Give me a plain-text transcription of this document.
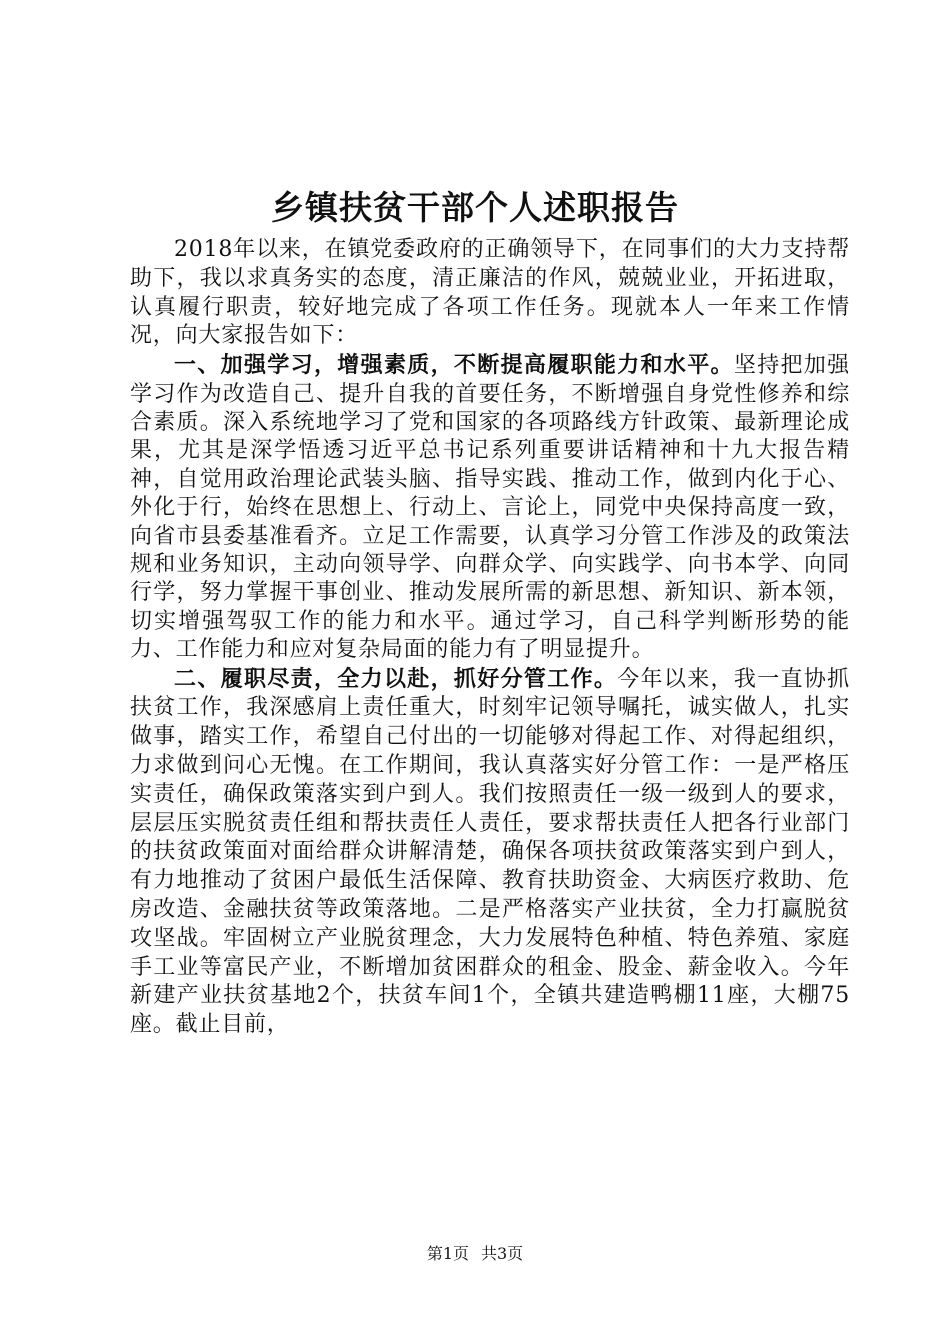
乡镇扶贫干部个人述职报告

2018年以来，在镇党委政府的正确领导下，在同事们的大力支持帮助下，我以求真务实的态度，清正廉洁的作风，兢兢业业，开拓进取，认真履行职责，较好地完成了各项工作任务。现就本人一年来工作情况，向大家报告如下：

一、加强学习，增强素质，不断提高履职能力和水平。坚持把加强学习作为改造自己、提升自我的首要任务，不断增强自身党性修养和综合素质。深入系统地学习了党和国家的各项路线方针政策、最新理论成果，尤其是深学悟透习近平总书记系列重要讲话精神和十九大报告精神，自觉用政治理论武装头脑、指导实践、推动工作，做到内化于心、外化于行，始终在思想上、行动上、言论上，同党中央保持高度一致，向省市县委基准看齐。立足工作需要，认真学习分管工作涉及的政策法规和业务知识，主动向领导学、向群众学、向实践学、向书本学、向同行学，努力掌握干事创业、推动发展所需的新思想、新知识、新本领，切实增强驾驭工作的能力和水平。通过学习，自己科学判断形势的能力、工作能力和应对复杂局面的能力有了明显提升。

二、履职尽责，全力以赴，抓好分管工作。今年以来，我一直协抓扶贫工作，我深感肩上责任重大，时刻牢记领导嘱托，诚实做人，扎实做事，踏实工作，希望自己付出的一切能够对得起工作、对得起组织，力求做到问心无愧。在工作期间，我认真落实好分管工作：一是严格压实责任，确保政策落实到户到人。我们按照责任一级一级到人的要求，层层压实脱贫责任组和帮扶责任人责任，要求帮扶责任人把各行业部门的扶贫政策面对面给群众讲解清楚，确保各项扶贫政策落实到户到人，有力地推动了贫困户最低生活保障、教育扶助资金、大病医疗救助、危房改造、金融扶贫等政策落地。二是严格落实产业扶贫，全力打赢脱贫攻坚战。牢固树立产业脱贫理念，大力发展特色种植、特色养殖、家庭手工业等富民产业，不断增加贫困群众的租金、股金、薪金收入。今年新建产业扶贫基地2个，扶贫车间1个，全镇共建造鸭棚11座，大棚75座。截止目前，

第1页 共3页
